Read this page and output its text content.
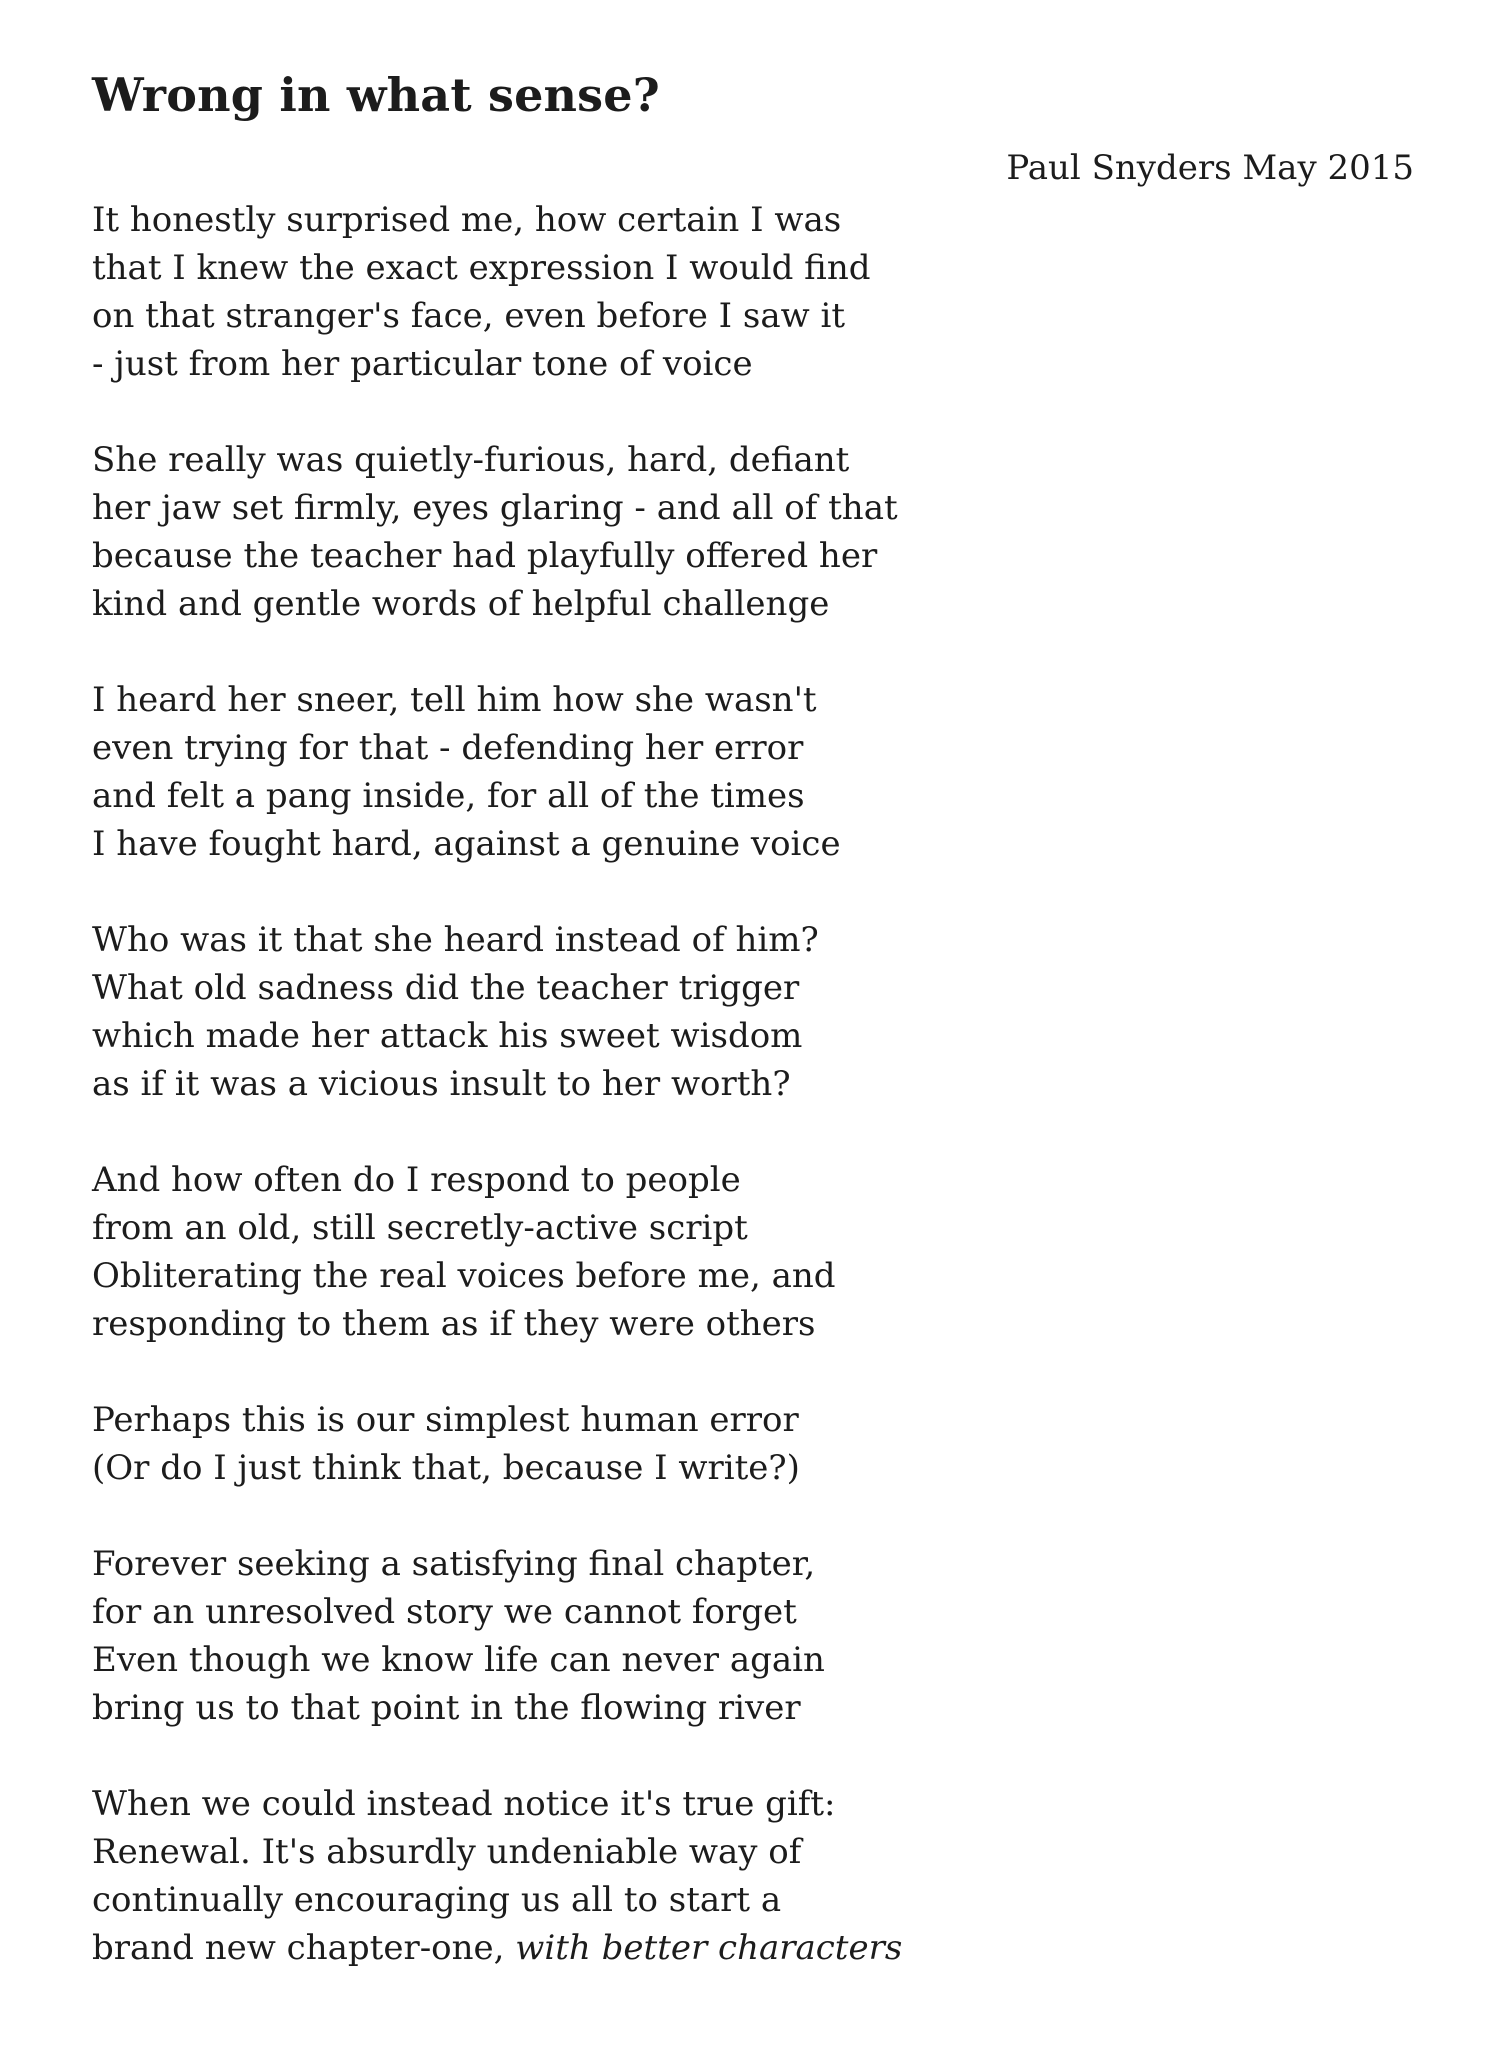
Wrong in what sense?
Paul Snyders May 2015
It honestly surprised me, how certain I was
that I knew the exact expression I would find
on that stranger's face, even before I saw it
- just from her particular tone of voice
She really was quietly-furious, hard, defiant
her jaw set firmly, eyes glaring - and all of that
because the teacher had playfully offered her
kind and gentle words of helpful challenge
I heard her sneer, tell him how she wasn't
even trying for that - defending her error
and felt a pang inside, for all of the times
I have fought hard, against a genuine voice
Who was it that she heard instead of him?
What old sadness did the teacher trigger
which made her attack his sweet wisdom
as if it was a vicious insult to her worth?
And how often do I respond to people
from an old, still secretly-active script
Obliterating the real voices before me, and
responding to them as if they were others
Perhaps this is our simplest human error
(Or do I just think that, because I write?)
Forever seeking a satisfying final chapter,
for an unresolved story we cannot forget
Even though we know life can never again
bring us to that point in the flowing river
When we could instead notice it's true gift:
Renewal. It's absurdly undeniable way of
continually encouraging us all to start a
brand new chapter-one, with better characters
